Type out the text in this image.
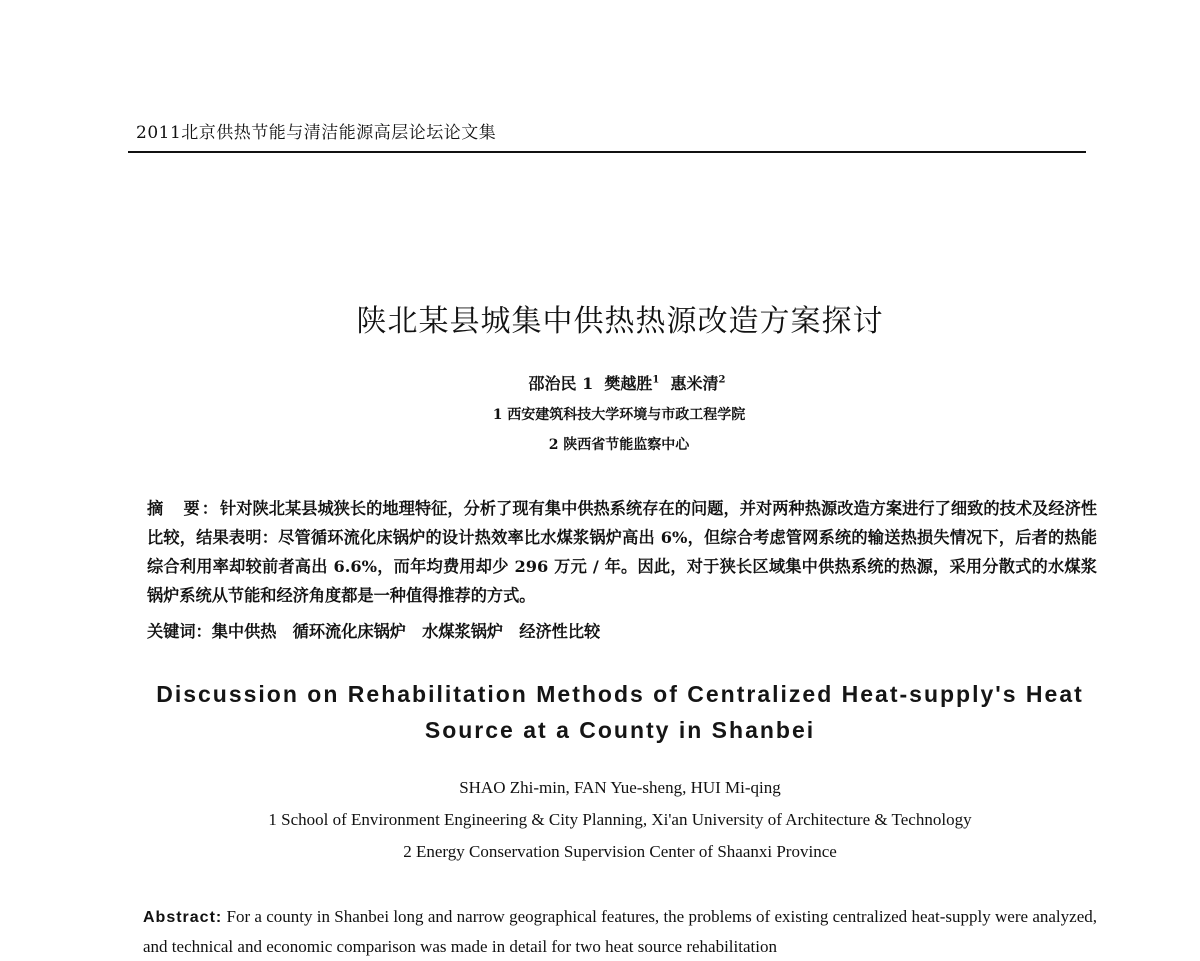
2011北京供热节能与清洁能源高层论坛论文集
陕北某县城集中供热热源改造方案探讨
邵治民 1 樊越胜$^1$ 惠米清$^2$
1 西安建筑科技大学环境与市政工程学院
2 陕西省节能监察中心
摘　要：针对陕北某县城狭长的地理特征，分析了现有集中供热系统存在的问题，并对两种热源改造方案进行了细致的技术及经济性比较，结果表明：尽管循环流化床锅炉的设计热效率比水煤浆锅炉高出 6%，但综合考虑管网系统的输送热损失情况下，后者的热能综合利用率却较前者高出 6.6%，而年均费用却少 296 万元 / 年。因此，对于狭长区域集中供热系统的热源，采用分散式的水煤浆锅炉系统从节能和经济角度都是一种值得推荐的方式。
关键词：集中供热　循环流化床锅炉　水煤浆锅炉　经济性比较
Discussion on Rehabilitation Methods of Centralized Heat-supply's Heat
Source at a County in Shanbei
SHAO Zhi-min, FAN Yue-sheng, HUI Mi-qing
1 School of Environment Engineering & City Planning, Xi'an University of Architecture & Technology
2 Energy Conservation Supervision Center of Shaanxi Province
Abstract: For a county in Shanbei long and narrow geographical features, the problems of existing centralized heat-supply were analyzed, and technical and economic comparison was made in detail for two heat source rehabilitation
